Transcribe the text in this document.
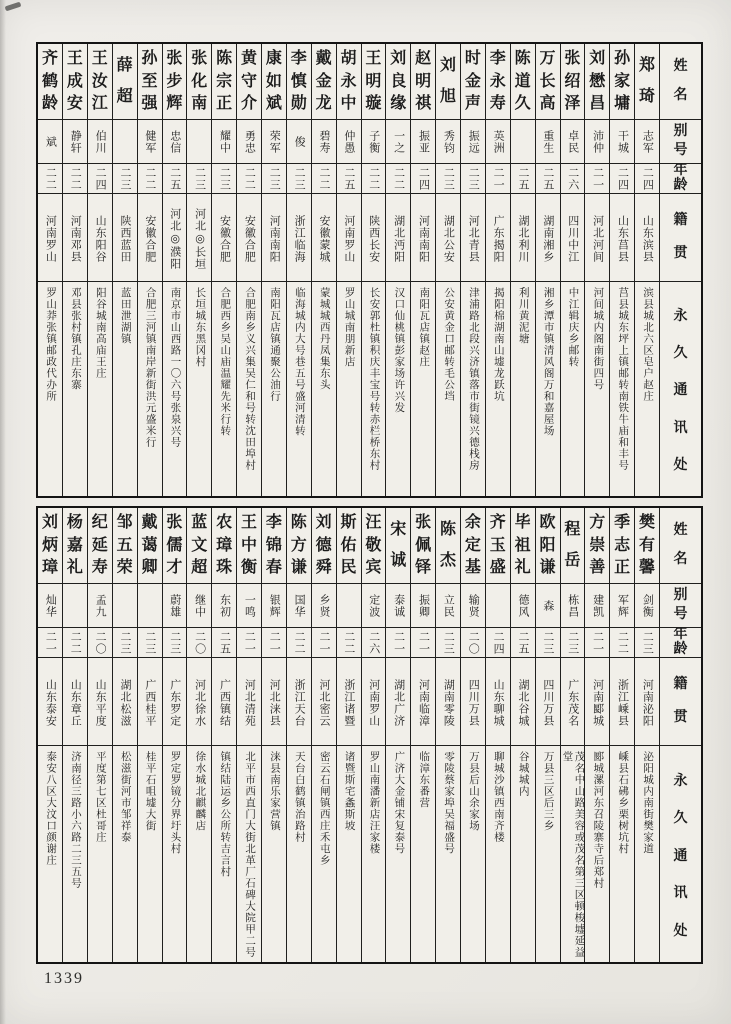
姓
名
别
号
年
龄
籍
贯
永
久
通
讯
处
郑
琦
志军
二四
山东滨县
滨县城北六区皂户赵庄
孙
家
墉
干城
二四
山东莒县
莒县城东坪上镇邮转南铁牛庙和丰号
刘
懋
昌
沛仲
二一
河北河间
河间城内阁南街四号
张
绍
泽
卓民
二六
四川中江
中江辑庆乡邮转
万
长
高
重生
二五
湖南湘乡
湘乡潭市镇清风阁万和嘉屋场
陈
道
久
二五
湖北利川
利川黄泥塘
李
永
寿
英洲
二一
广东揭阳
揭阳棉湖南山墟龙跃坑
时
金
声
振远
二三
河北青县
津浦路北段兴济镇落市街镜兴德栈房
刘
旭
秀钧
二三
湖北公安
公安黄金口邮转毛公垱
赵
明
祺
振亚
二四
河南南阳
南阳瓦店镇赵庄
刘
良
缘
一之
二二
湖北沔阳
汉口仙桃镇彭家场许兴发
王
明
璇
子衡
二二
陕西长安
长安郭杜镇积庆丰宝号转赤栏桥东村
胡
永
中
仲愚
二五
河南罗山
罗山城南朋新店
戴
金
龙
碧寿
二二
安徽蒙城
蒙城城西丹凤集东头
李
慎
勋
俊
二三
浙江临海
临海城内大号巷五号盛河清转
康
如
斌
荣军
二三
河南南阳
南阳瓦店镇通聚公油行
黄
守
介
勇忠
二二
安徽合肥
合肥南乡义兴集吴仁和号转沈田埠村
陈
宗
正
耀中
二三
安徽合肥
合肥西乡吴山庙温耀先米行转
张
化
南
二三
河北◎长垣
长垣城东黑冈村
张
步
辉
忠信
二五
河北◎濮阳
南京市山西路一〇六号张泉兴号
孙
至
强
健军
二二
安徽合肥
合肥三河镇南岸新街洪元盛米行
薛
超
二三
陕西蓝田
蓝田泄湖镇
王
汝
江
伯川
二四
山东阳谷
阳谷城南高庙王庄
王
成
安
静轩
二二
河南邓县
邓县张村镇孔庄东寨
齐
鹤
龄
斌
二二
河南罗山
罗山莽张镇邮政代办所
姓
名
别
号
年
龄
籍
贯
永
久
通
讯
处
樊
有
馨
剑衡
二三
河南泌阳
泌阳城内南街樊家道
季
志
正
军辉
二二
浙江嵊县
嵊县石砩乡栗树坑村
方
崇
善
建凯
二一
河南郾城
郾城漯河东召陵寨寺后郑村
程
岳
栋昌
二三
广东茂名
茂名中山路美容或茂名第三区顿梭墟延益堂
欧
阳
谦
森
二三
四川万县
万县三区后三乡
毕
祖
礼
德风
二五
湖北谷城
谷城城内
齐
玉
盛
二四
山东聊城
聊城沙镇西南齐楼
余
定
基
输贤
二〇
四川万县
万县后山余家场
陈
杰
立民
二三
湖南零陵
零陵蔡家埠吴福盛号
张
佩
铎
振卿
二一
河南临漳
临漳东番营
宋
诚
泰诚
二一
湖北广济
广济大金铺宋复泰号
汪
敬
宾
定波
二六
河南罗山
罗山南潘新店汪家楼
斯
佑
民
二二
浙江诸暨
诸暨斯宅螽斯坡
刘
德
舜
乡贤
二一
河北密云
密云石闸镇西庄禾屯乡
陈
方
谦
国华
二二
浙江天台
天台白鹤镇治路村
李
锦
春
银辉
二一
河北涞县
涞县南乐家营镇
王
中
衡
一鸣
二一
河北清苑
北平市西直门大街北革厂石碑大院甲二号
农
璋
珠
东初
二五
广西镇结
镇结陆运乡公所转吉言村
蓝
文
超
继中
二〇
河北徐水
徐水城北麒麟店
张
儒
才
蔚雄
二三
广东罗定
罗定罗镜分界圩头村
戴
蔼
卿
二三
广西桂平
桂平石咀墟大街
邹
五
荣
二三
湖北松滋
松滋街河市邹祥泰
纪
延
寿
孟九
二〇
山东平度
平度第七区杜哥庄
杨
嘉
礼
二二
山东章丘
济南径三路小六路二三五号
刘
炳
璋
灿华
二一
山东泰安
泰安八区大汶口颜谢庄
1339
